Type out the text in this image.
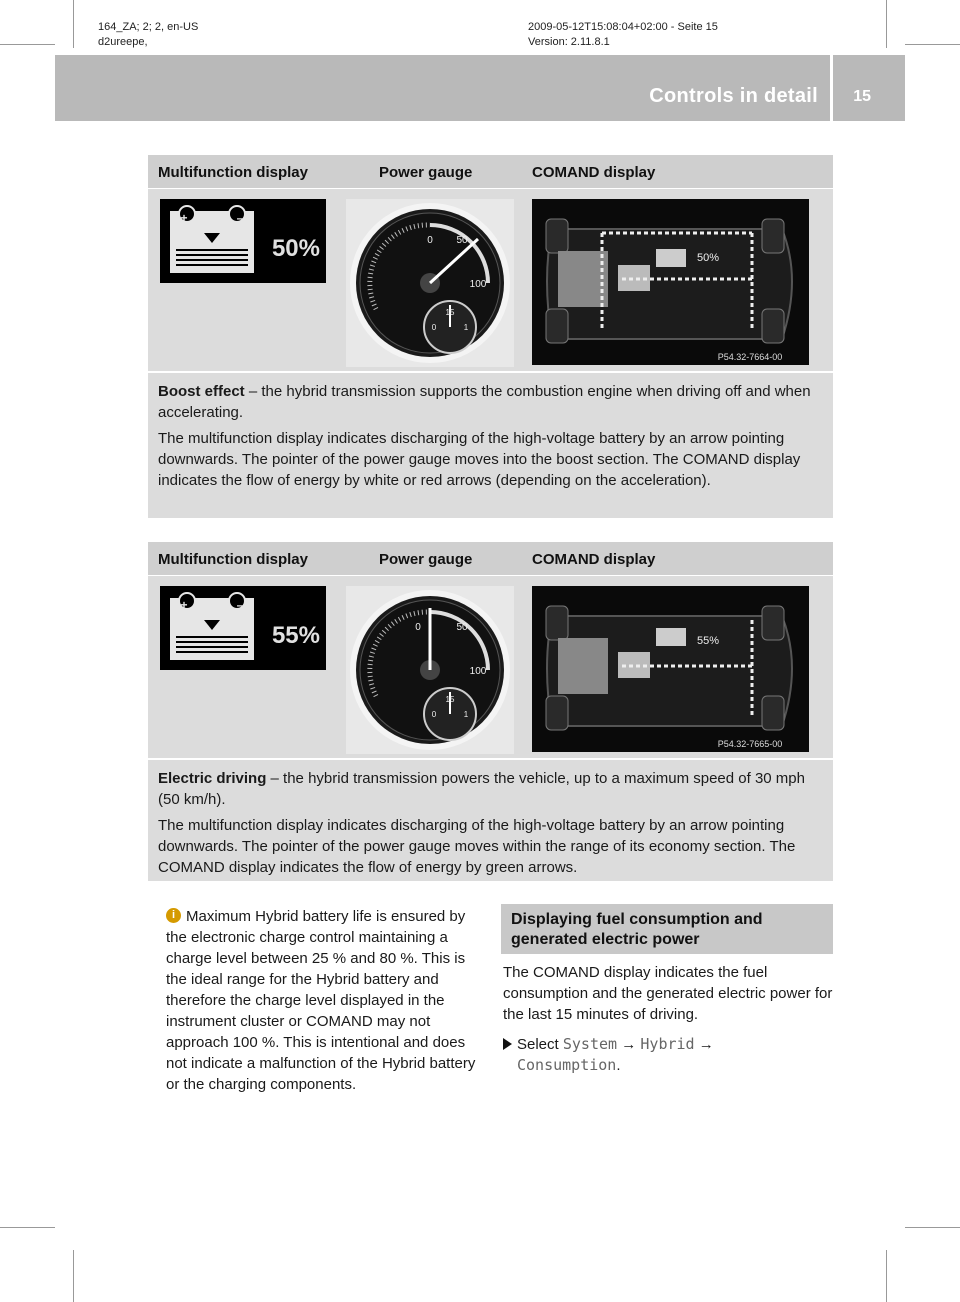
164_ZA; 2; 2, en-US
d2ureepe,
2009-05-12T15:08:04+02:00 - Seite 15
Version: 2.11.8.1
Controls in detail 15
Multifunction display	Power gauge	COMAND display
+	–
50%	0 50
100
15
0	1
50%
P54.32-7664-00

Boost effect – the hybrid transmission supports the combustion engine when driving off and when accelerating.

The multifunction display indicates discharging of the high-voltage battery by an arrow pointing downwards. The pointer of the power gauge moves into the boost section. The COMAND display indicates the flow of energy by white or red arrows (depending on the acceleration).

Multifunction display	Power gauge	COMAND display
+	–
55%	0	50
100
15
0	1
55%
P54.32-7665-00

Electric driving – the hybrid transmission powers the vehicle, up to a maximum speed of 30 mph (50 km/h).

The multifunction display indicates discharging of the high-voltage battery by an arrow pointing downwards. The pointer of the power gauge moves within the range of its economy section. The COMAND display indicates the flow of energy by green arrows.

i Maximum Hybrid battery life is ensured by the electronic charge control maintaining a charge level between 25 % and 80 %. This is the ideal range for the Hybrid battery and therefore the charge level displayed in the instrument cluster or COMAND may not approach 100 %. This is intentional and does not indicate a malfunction of the Hybrid battery or the charging components.
Displaying fuel consumption and generated electric power
The COMAND display indicates the fuel consumption and the generated electric power for the last 15 minutes of driving.
Select System → Hybrid →
Consumption.
